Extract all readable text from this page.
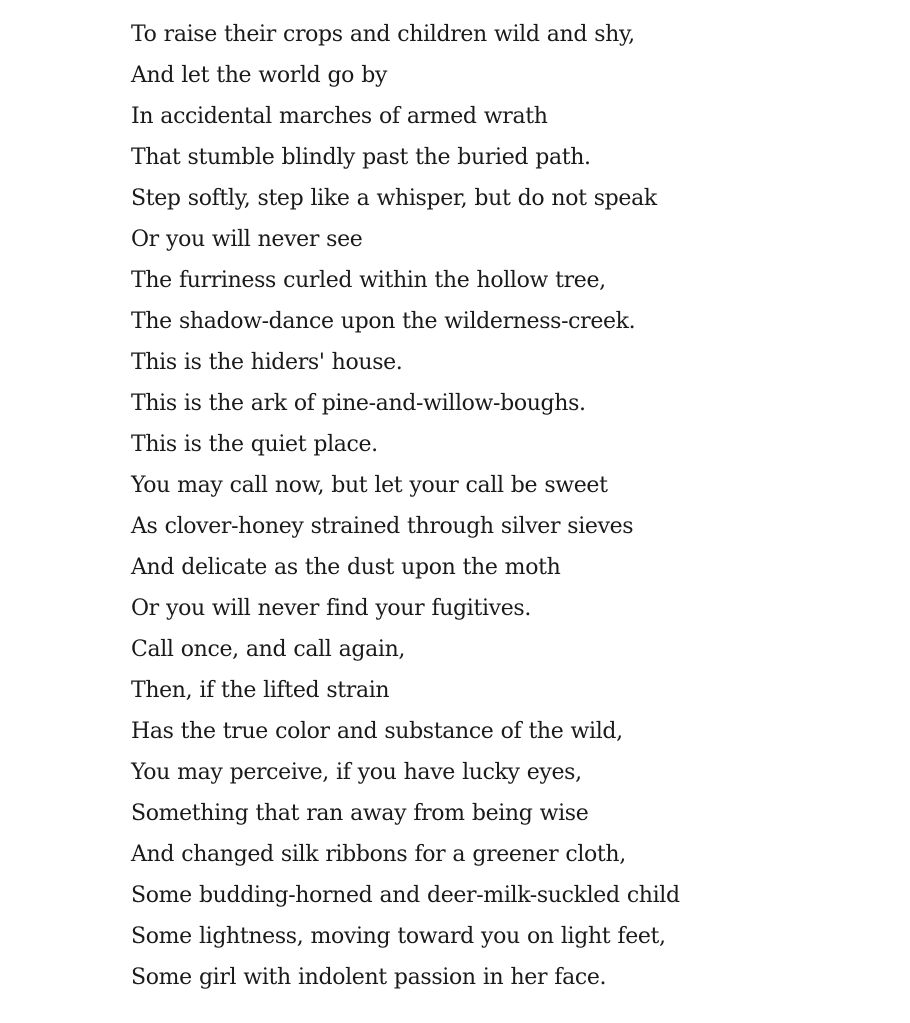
To raise their crops and children wild and shy,
And let the world go by
In accidental marches of armed wrath
That stumble blindly past the buried path.
Step softly, step like a whisper, but do not speak
Or you will never see
The furriness curled within the hollow tree,
The shadow-dance upon the wilderness-creek.
This is the hiders' house.
This is the ark of pine-and-willow-boughs.
This is the quiet place.
You may call now, but let your call be sweet
As clover-honey strained through silver sieves
And delicate as the dust upon the moth
Or you will never find your fugitives.
Call once, and call again,
Then, if the lifted strain
Has the true color and substance of the wild,
You may perceive, if you have lucky eyes,
Something that ran away from being wise
And changed silk ribbons for a greener cloth,
Some budding-horned and deer-milk-suckled child
Some lightness, moving toward you on light feet,
Some girl with indolent passion in her face.
